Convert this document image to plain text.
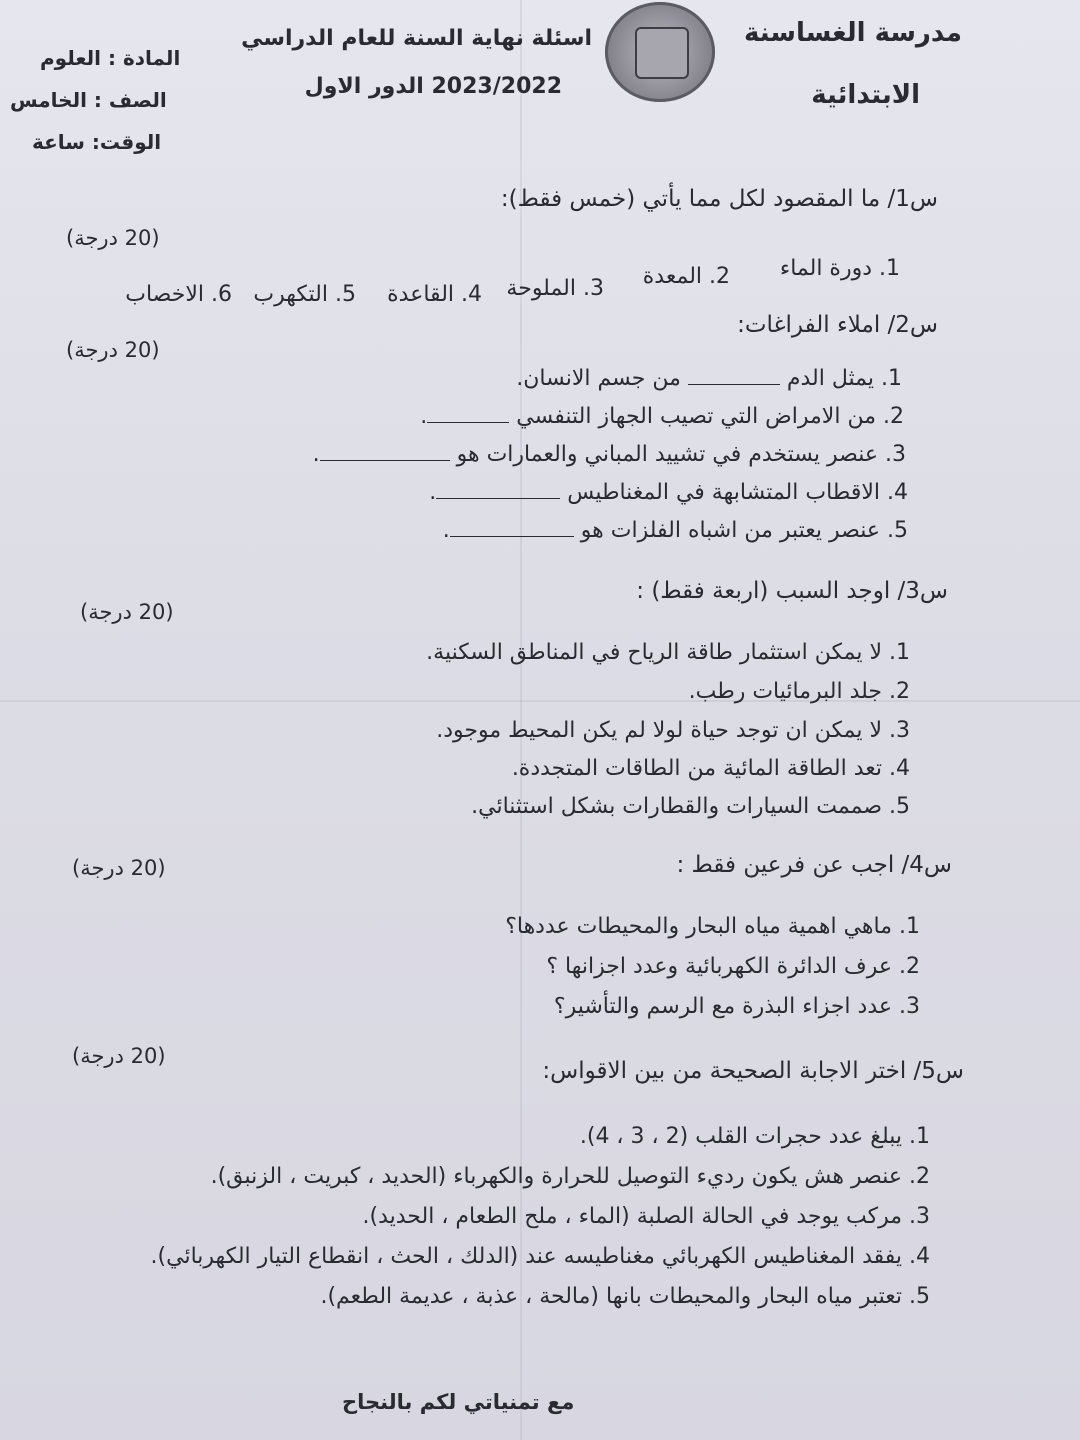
مدرسة الغساسنة
الابتدائية
اسئلة نهاية السنة للعام الدراسي
2023/2022 الدور الاول
المادة : العلوم
الصف : الخامس
الوقت: ساعة
س1/ ما المقصود لكل مما يأتي (خمس فقط):
(20 درجة)
1. دورة الماء
2. المعدة
3. الملوحة
4. القاعدة
5. التكهرب
6. الاخصاب
س2/ املاء الفراغات:
(20 درجة)
1. يمثل الدم  من جسم الانسان.
2. من الامراض التي تصيب الجهاز التنفسي .
3. عنصر يستخدم في تشييد المباني والعمارات هو .
4. الاقطاب المتشابهة في المغناطيس .
5. عنصر يعتبر من اشباه الفلزات هو .
س3/ اوجد السبب (اربعة فقط) :
(20 درجة)
1. لا يمكن استثمار طاقة الرياح في المناطق السكنية.
2. جلد البرمائيات رطب.
3. لا يمكن ان توجد حياة لولا لم يكن المحيط موجود.
4. تعد الطاقة المائية من الطاقات المتجددة.
5. صممت السيارات والقطارات بشكل استثنائي.
س4/ اجب عن فرعين فقط :
(20 درجة)
1. ماهي اهمية مياه البحار والمحيطات عددها؟
2. عرف الدائرة الكهربائية وعدد اجزانها ؟
3. عدد اجزاء البذرة مع الرسم والتأشير؟
س5/ اختر الاجابة الصحيحة من بين الاقواس:
(20 درجة)
1. يبلغ عدد حجرات القلب (2 ، 3 ، 4).
2. عنصر هش يكون رديء التوصيل للحرارة والكهرباء (الحديد ، كبريت ، الزنبق).
3. مركب يوجد في الحالة الصلبة (الماء ، ملح الطعام ، الحديد).
4. يفقد المغناطيس الكهربائي مغناطيسه عند (الدلك ، الحث ، انقطاع التيار الكهربائي).
5. تعتبر مياه البحار والمحيطات بانها (مالحة ، عذبة ، عديمة الطعم).
مع تمنياتي لكم بالنجاح
